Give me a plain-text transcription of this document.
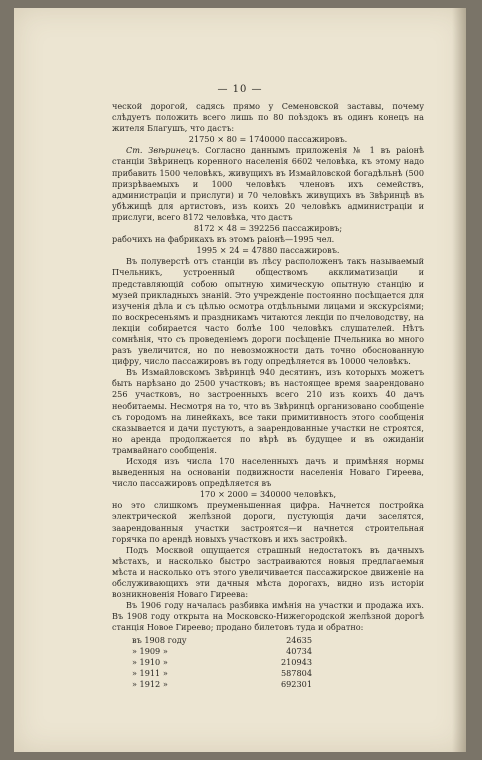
— 10 —

ческой дорогой, садясь прямо у Семеновской заставы, почему слѣдуетъ положить всего лишь по 80 поѣздокъ въ одинъ конецъ на жителя Благушъ, что дастъ:

21750 × 80 = 1740000 пассажировъ.

Ст. Звѣринецъ. Согласно даннымъ приложенія № 1 въ раіонѣ станціи Звѣринецъ коренного населенія 6602 человѣка, къ этому надо прибавить 1500 человѣкъ, живущихъ въ Измайловской богадѣльнѣ (500 призрѣваемыхъ и 1000 человѣкъ членовъ ихъ семействъ, администраціи и прислуги) и 70 человѣкъ живущихъ въ Звѣринцѣ въ убѣжищѣ для артистовъ, изъ коихъ 20 человѣкъ администраціи и прислуги, всего 8172 человѣка, что дастъ

8172 × 48 = 392256 пассажировъ;

рабочихъ на фабрикахъ въ этомъ раіонѣ—1995 чел.

1995 × 24 = 47880 пассажировъ.

Въ полуверстѣ отъ станціи въ лѣсу расположенъ такъ называемый Пчельникъ, устроенный обществомъ акклиматизаціи и представляющій собою опытную химическую опытную станцію и музей прикладныхъ знаній. Это учрежденіе постоянно посѣщается для изученія дѣла и съ цѣлью осмотра отдѣльными лицами и экскурсіями; по воскресеньямъ и праздникамъ читаются лекціи по пчеловодству, на лекціи собирается часто болѣе 100 человѣкъ слушателей. Нѣтъ сомнѣнія, что съ проведеніемъ дороги посѣщеніе Пчельника во много разъ увеличится, но по невозможности дать точно обоснованную цифру, число пассажировъ въ году опредѣляется въ 10000 человѣкъ.

Въ Измайловскомъ Звѣринцѣ 940 десятинъ, изъ которыхъ можетъ быть нарѣзано до 2500 участковъ; въ настоящее время заарендовано 256 участковъ, но застроенныхъ всего 210 изъ коихъ 40 дачъ необитаемы. Несмотря на то, что въ Звѣринцѣ организовано сообщеніе съ городомъ на линейкахъ, все таки примитивность этого сообщенія сказывается и дачи пустуютъ, а заарендованные участки не строятся, но аренда продолжается по вѣрѣ въ будущее и въ ожиданіи трамвайнаго сообщенія.

Исходя изъ числа 170 населенныхъ дачъ и примѣняя нормы выведенныя на основаніи подвижности населенія Новаго Гиреева, число пассажировъ опредѣляется въ

170 × 2000 = 340000 человѣкъ,

но это слишкомъ преуменьшенная цифра. Начнется постройка электрической желѣзной дороги, пустующія дачи заселятся, заарендованныя участки застроятся—и начнется строительная горячка по арендѣ новыхъ участковъ и ихъ застройкѣ.

Подъ Москвой ощущается страшный недостатокъ въ дачныхъ мѣстахъ, и насколько быстро застраиваются новыя предлагаемыя мѣста и насколько отъ этого увеличивается пассажирское движеніе на обслуживающихъ эти дачныя мѣста дорогахъ, видно изъ исторіи возникновенія Новаго Гиреева:

Въ 1906 году началась разбивка имѣнія на участки и продажа ихъ. Въ 1908 году открыта на Московско-Нижегородской желѣзной дорогѣ станція Новое Гиреево; продано билетовъ туда и обратно:

въ 1908 году	24635
» 1909 »	40734
» 1910 »	210943
» 1911 »	587804
» 1912 »	692301
